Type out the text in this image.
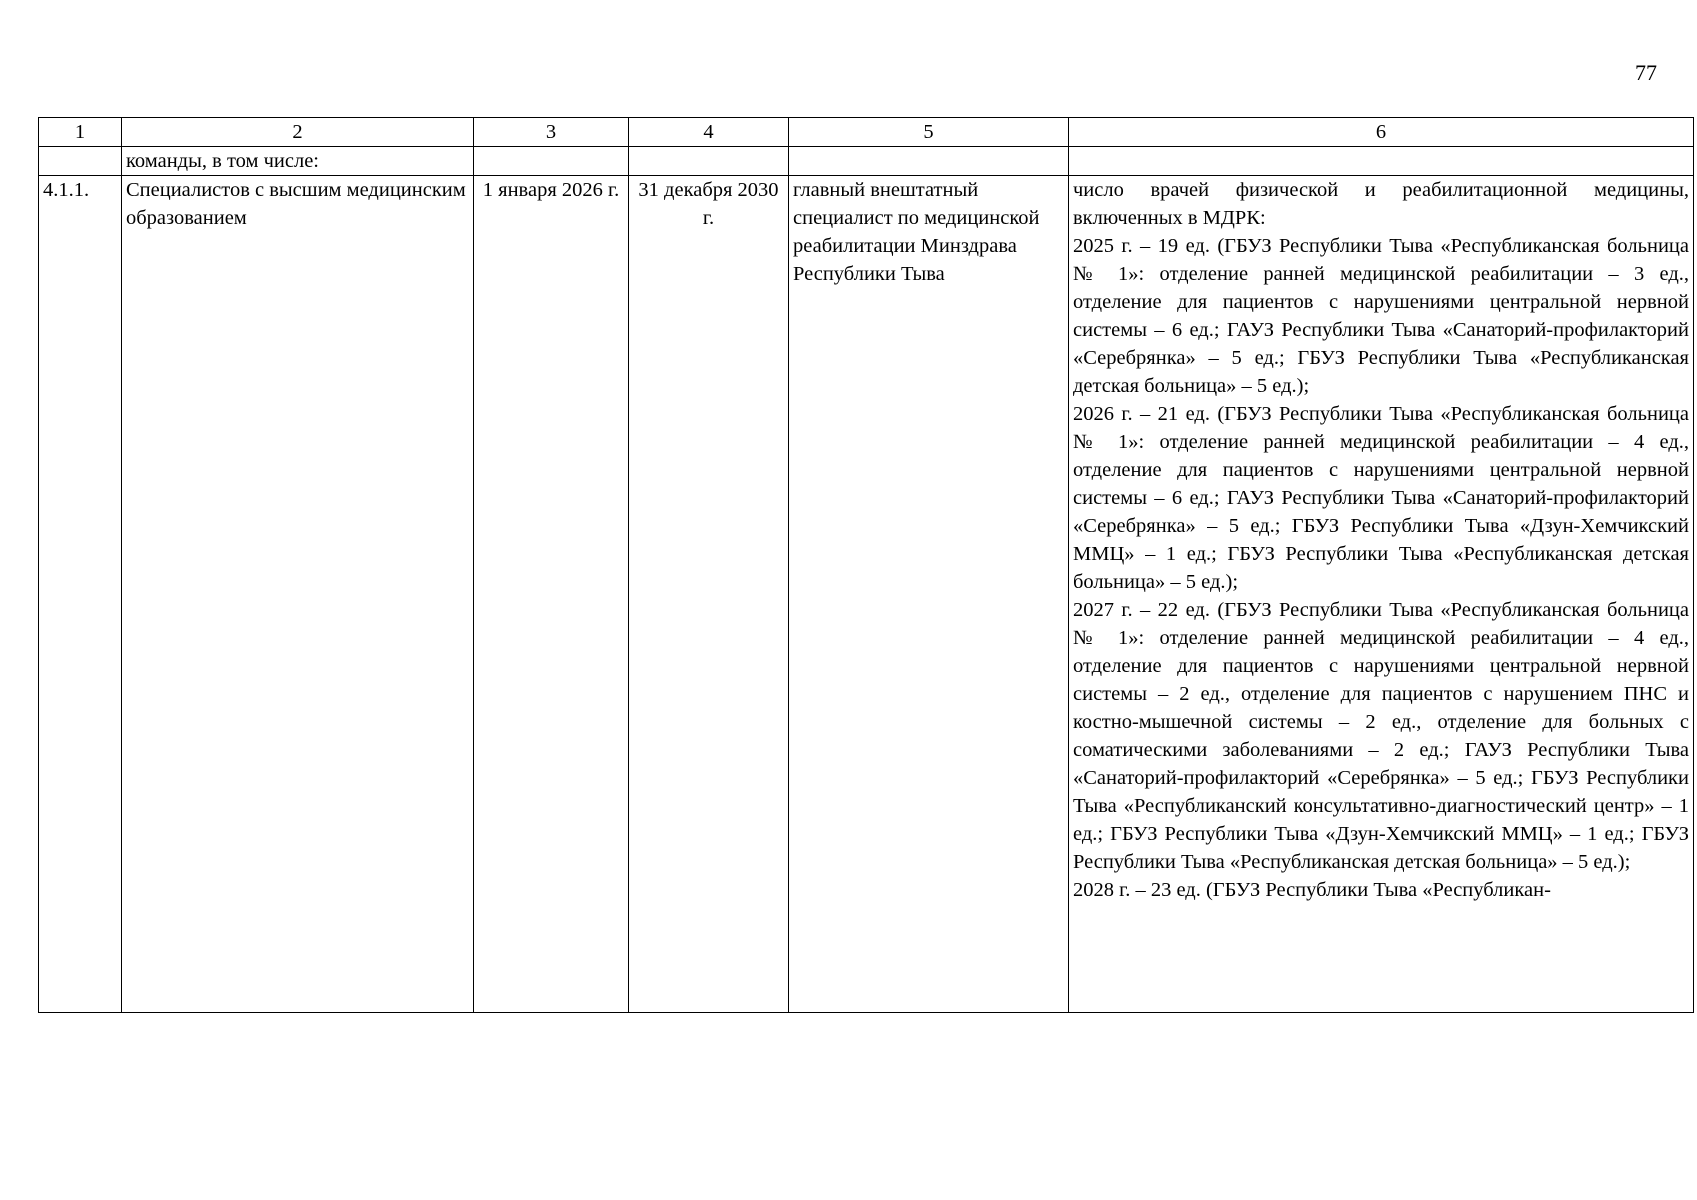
77
1	2	3	4	5	6
	команды, в том числе:				
4.1.1.	Специалистов с высшим медицинским образованием	1 января 2026 г.	31 декабря 2030 г.	главный внештатный специалист по медицинской реабилитации Минздрава Республики Тыва	число врачей физической и реабилитационной медицины, включенных в МДРК:

2025 г. – 19 ед. (ГБУЗ Республики Тыва «Республиканская больница № 1»: отделение ранней медицинской реабилитации – 3 ед., отделение для пациентов с нарушениями центральной нервной системы – 6 ед.; ГАУЗ Республики Тыва «Санаторий-профилакторий «Серебрянка» – 5 ед.; ГБУЗ Республики Тыва «Республиканская детская больница» – 5 ед.);

2026 г. – 21 ед. (ГБУЗ Республики Тыва «Республиканская больница № 1»: отделение ранней медицинской реабилитации – 4 ед., отделение для пациентов с нарушениями центральной нервной системы – 6 ед.; ГАУЗ Республики Тыва «Санаторий-профилакторий «Серебрянка» – 5 ед.; ГБУЗ Республики Тыва «Дзун-Хемчикский ММЦ» – 1 ед.; ГБУЗ Республики Тыва «Республиканская детская больница» – 5 ед.);

2027 г. – 22 ед. (ГБУЗ Республики Тыва «Республиканская больница № 1»: отделение ранней медицинской реабилитации – 4 ед., отделение для пациентов с нарушениями центральной нервной системы – 2 ед., отделение для пациентов с нарушением ПНС и костно-мышечной системы – 2 ед., отделение для больных с соматическими заболеваниями – 2 ед.; ГАУЗ Республики Тыва «Санаторий-профилакторий «Серебрянка» – 5 ед.; ГБУЗ Республики Тыва «Республиканский консультативно-диагностический центр» – 1 ед.; ГБУЗ Республики Тыва «Дзун-Хемчикский ММЦ» – 1 ед.; ГБУЗ Республики Тыва «Республиканская детская больница» – 5 ед.);

2028 г. – 23 ед. (ГБУЗ Республики Тыва «Республикан-
